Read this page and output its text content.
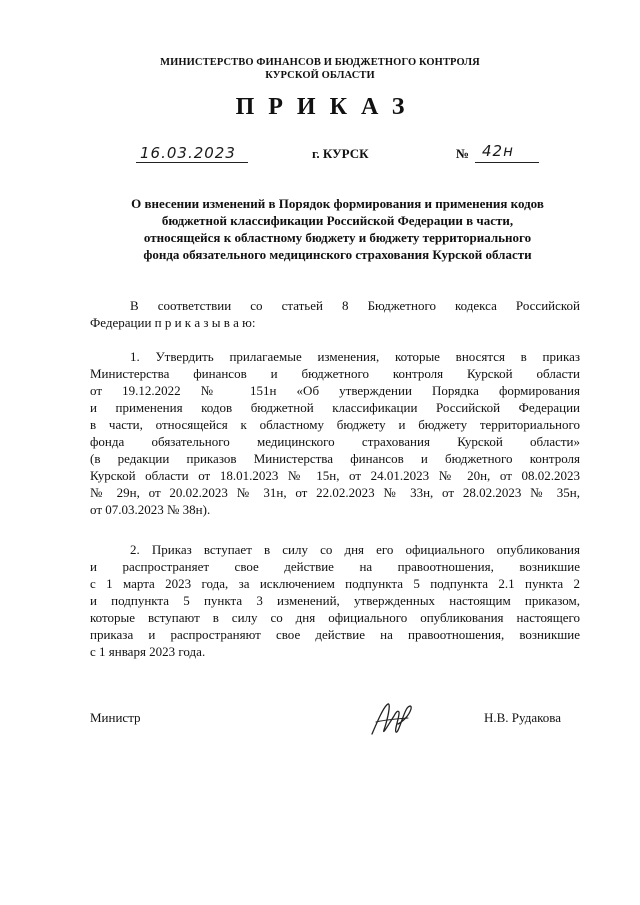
МИНИСТЕРСТВО ФИНАНСОВ И БЮДЖЕТНОГО КОНТРОЛЯ
КУРСКОЙ ОБЛАСТИ
ПРИКАЗ
16.03.2023	г. КУРСК	№ 42н
О внесении изменений в Порядок формирования и применения кодов
бюджетной классификации Российской Федерации в части,
относящейся к областному бюджету и бюджету территориального
фонда обязательного медицинского страхования Курской области
В соответствии со статьей 8 Бюджетного кодекса Российской
Федерации п р и к а з ы в а ю:
1. Утвердить прилагаемые изменения, которые вносятся в приказ
Министерства финансов и бюджетного контроля Курской области
от 19.12.2022 № 151н «Об утверждении Порядка формирования
и применения кодов бюджетной классификации Российской Федерации
в части, относящейся к областному бюджету и бюджету территориального
фонда обязательного медицинского страхования Курской области»
(в редакции приказов Министерства финансов и бюджетного контроля
Курской области от 18.01.2023 № 15н, от 24.01.2023 № 20н, от 08.02.2023
№ 29н, от 20.02.2023 № 31н, от 22.02.2023 № 33н, от 28.02.2023 № 35н,
от 07.03.2023 № 38н).
2. Приказ вступает в силу со дня его официального опубликования
и распространяет свое действие на правоотношения, возникшие
с 1 марта 2023 года, за исключением подпункта 5 подпункта 2.1 пункта 2
и подпункта 5 пункта 3 изменений, утвержденных настоящим приказом,
которые вступают в силу со дня официального опубликования настоящего
приказа и распространяют свое действие на правоотношения, возникшие
с 1 января 2023 года.
Министр	Н.В. Рудакова
